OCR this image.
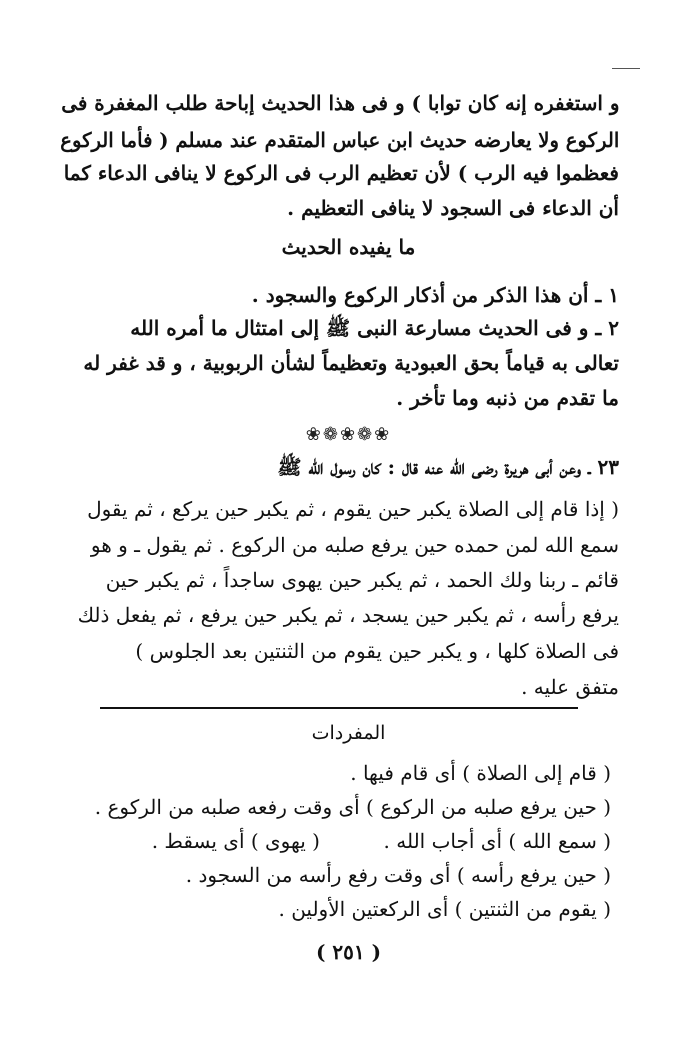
و استغفره إنه كان توابا ) و فى هذا الحديث إباحة طلب المغفرة فى
الركوع ولا يعارضه حديث ابن عباس المتقدم عند مسلم ( فأما الركوع
فعظموا فيه الرب ) لأن تعظيم الرب فى الركوع لا ينافى الدعاء كما
أن الدعاء فى السجود لا ينافى التعظيم .
ما يفيده الحديث
١ ـ أن هذا الذكر من أذكار الركوع والسجود .
٢ ـ و فى الحديث مسارعة النبى ﷺ إلى امتثال ما أمره الله
تعالى به قياماً بحق العبودية وتعظيماً لشأن الربوبية ، و قد غفر له
ما تقدم من ذنبه وما تأخر .
❀❁❀❁❀
٢٣ ـ وعن أبى هريرة رضى الله عنه قال : كان رسول الله ﷺ
( إذا قام إلى الصلاة يكبر حين يقوم ، ثم يكبر حين يركع ، ثم يقول
سمع الله لمن حمده حين يرفع صلبه من الركوع . ثم يقول ـ و هو
قائم ـ ربنا ولك الحمد ، ثم يكبر حين يهوى ساجداً ، ثم يكبر حين
يرفع رأسه ، ثم يكبر حين يسجد ، ثم يكبر حين يرفع ، ثم يفعل ذلك
فى الصلاة كلها ، و يكبر حين يقوم من الثنتين بعد الجلوس )
متفق عليه .
المفردات
( قام إلى الصلاة ) أى قام فيها .
( حين يرفع صلبه من الركوع ) أى وقت رفعه صلبه من الركوع .
( سمع الله ) أى أجاب الله .          ( يهوى ) أى يسقط .
( حين يرفع رأسه ) أى وقت رفع رأسه من السجود .
( يقوم من الثنتين ) أى الركعتين الأولين .
( ٢٥١ )
